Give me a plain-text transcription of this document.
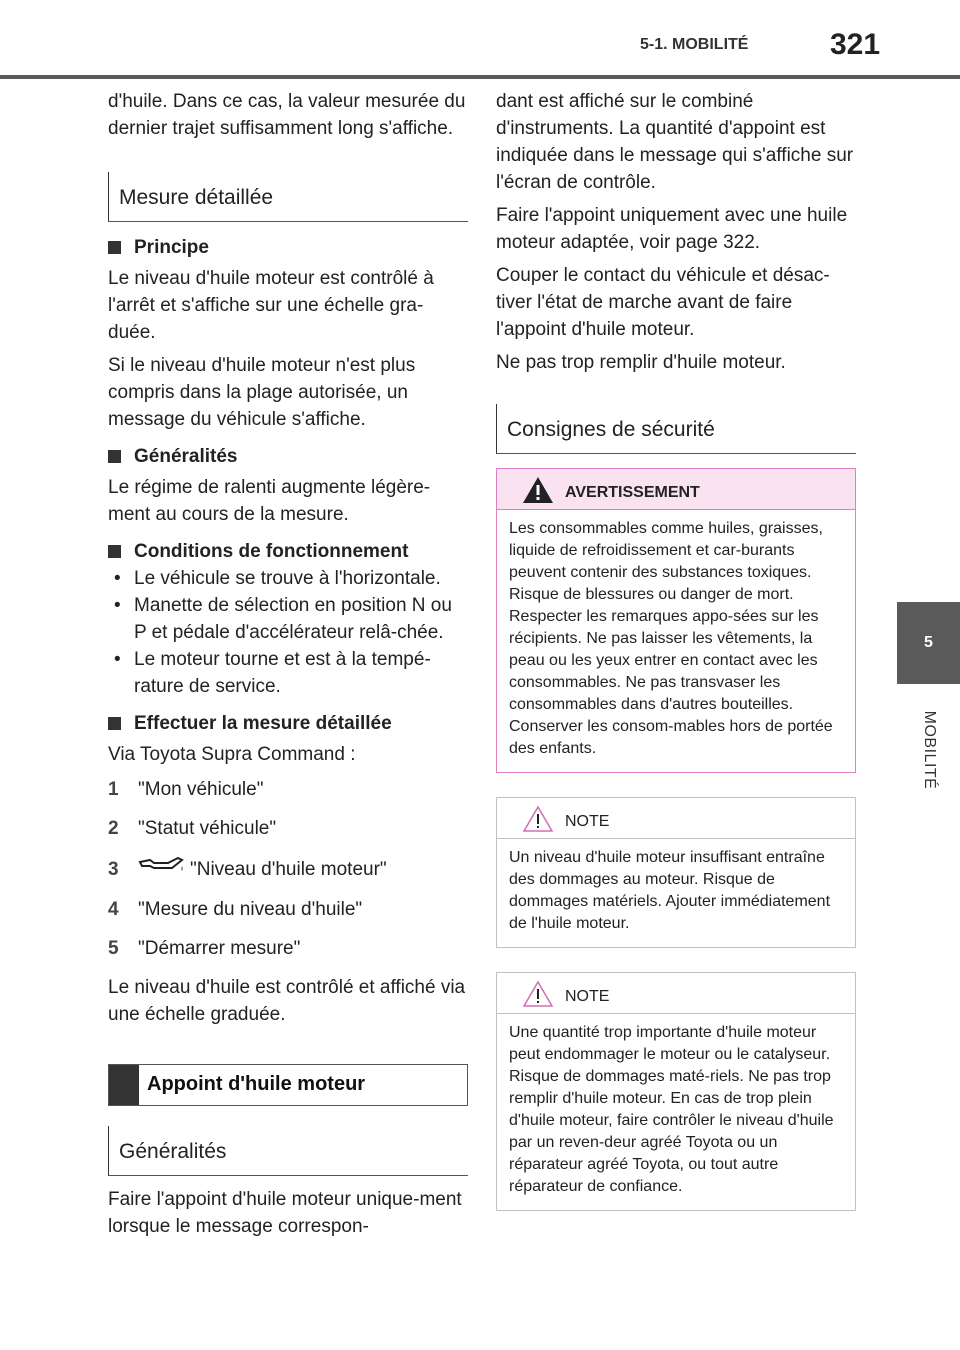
5-1. MOBILITÉ	321
5
MOBILITÉ

d'huile. Dans ce cas, la valeur mesurée du dernier trajet suffisamment long s'affiche.

Mesure détaillée
Principe

Le niveau d'huile moteur est contrôlé à l'arrêt et s'affiche sur une échelle gra-duée.

Si le niveau d'huile moteur n'est plus compris dans la plage autorisée, un message du véhicule s'affiche.

Généralités

Le régime de ralenti augmente légère-ment au cours de la mesure.

Conditions de fonctionnement
• Le véhicule se trouve à l'horizontale.
• Manette de sélection en position N ou P et pédale d'accélérateur relâ-chée.
• Le moteur tourne et est à la tempé-rature de service.
Effectuer la mesure détaillée

Via Toyota Supra Command :

1	"Mon véhicule"
2	"Statut véhicule"
3	"Niveau d'huile moteur"
4	"Mesure du niveau d'huile"
5	"Démarrer mesure"

Le niveau d'huile est contrôlé et affiché via une échelle graduée.

Appoint d'huile moteur
Généralités

Faire l'appoint d'huile moteur unique-ment lorsque le message correspon-

dant est affiché sur le combiné d'instruments. La quantité d'appoint est indiquée dans le message qui s'affiche sur l'écran de contrôle.

Faire l'appoint uniquement avec une huile moteur adaptée, voir page 322.

Couper le contact du véhicule et désac-tiver l'état de marche avant de faire l'appoint d'huile moteur.

Ne pas trop remplir d'huile moteur.

Consignes de sécurité
AVERTISSEMENT
Les consommables comme huiles, graisses, liquide de refroidissement et car-burants peuvent contenir des substances toxiques. Risque de blessures ou danger de mort. Respecter les remarques appo-sées sur les récipients. Ne pas laisser les vêtements, la peau ou les yeux entrer en contact avec les consommables. Ne pas transvaser les consommables dans d'autres bouteilles. Conserver les consom-mables hors de portée des enfants.
NOTE
Un niveau d'huile moteur insuffisant entraîne des dommages au moteur. Risque de dommages matériels. Ajouter immédiatement de l'huile moteur.
NOTE
Une quantité trop importante d'huile moteur peut endommager le moteur ou le catalyseur. Risque de dommages maté-riels. Ne pas trop remplir d'huile moteur. En cas de trop plein d'huile moteur, faire contrôler le niveau d'huile par un reven-deur agréé Toyota ou un réparateur agréé Toyota, ou tout autre réparateur de confiance.
